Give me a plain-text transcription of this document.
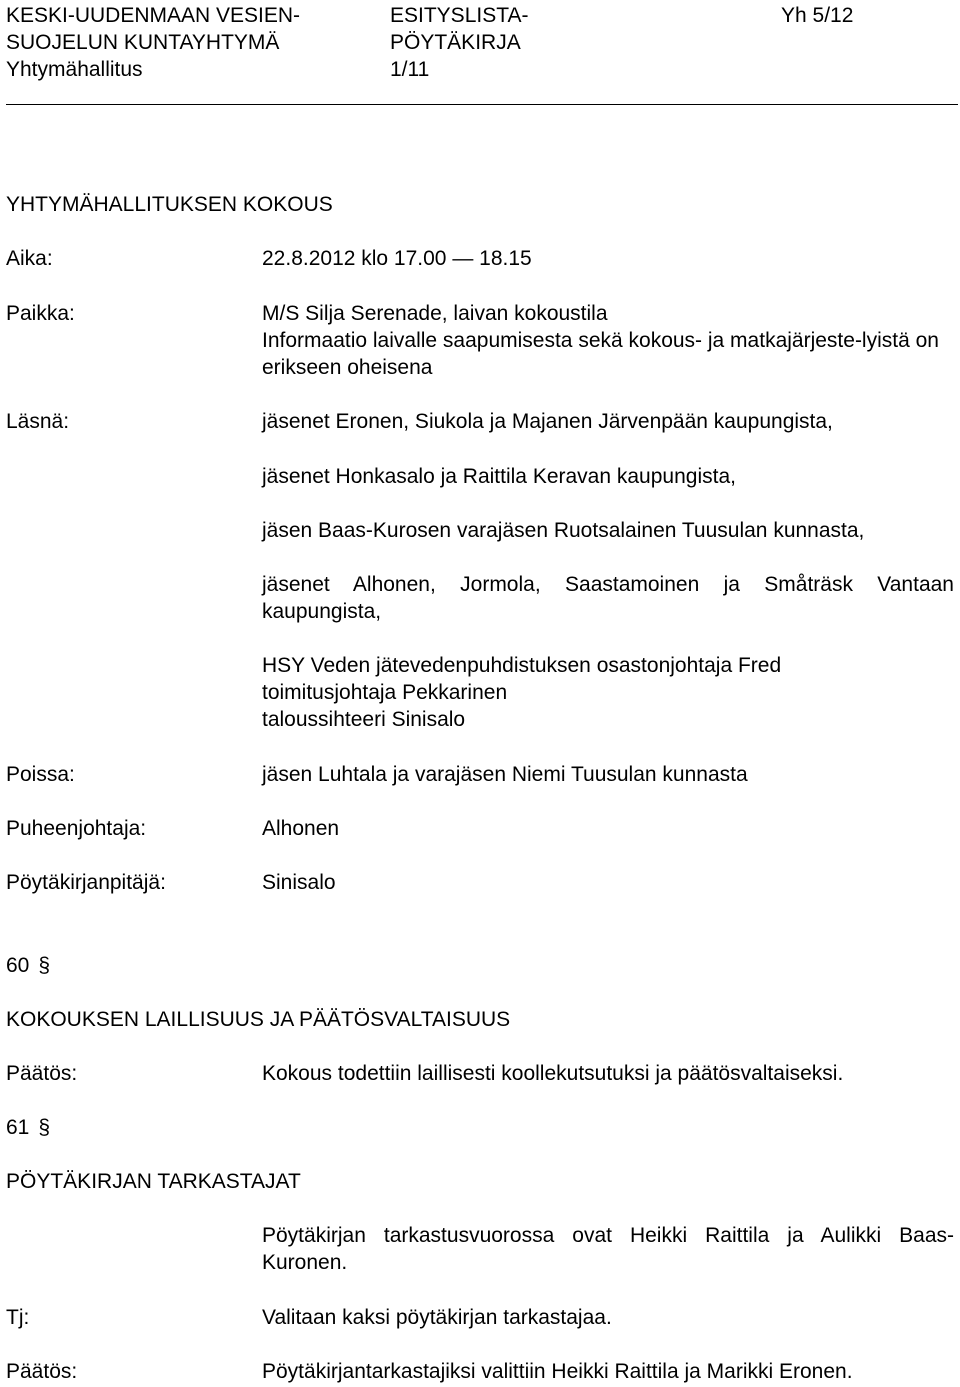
KESKI-UUDENMAAN VESIEN-
SUOJELUN KUNTAYHTYMÄ
Yhtymähallitus
ESITYSLISTA-
PÖYTÄKIRJA
1/11
Yh 5/12
YHTYMÄHALLITUKSEN KOKOUS
Aika:	22.8.2012 klo 17.00 — 18.15
Paikka:	M/S Silja Serenade, laivan kokoustila
Informaatio laivalle saapumisesta sekä kokous- ja matkajärjeste-lyistä on erikseen oheisena
Läsnä:	jäsenet Eronen, Siukola ja Majanen Järvenpään kaupungista,
jäsenet Honkasalo ja Raittila Keravan kaupungista,
jäsen Baas-Kurosen varajäsen Ruotsalainen Tuusulan kunnasta,
jäsenet Alhonen, Jormola, Saastamoinen ja Småträsk Vantaan kaupungista,
HSY Veden jätevedenpuhdistuksen osastonjohtaja Fred
toimitusjohtaja Pekkarinen
taloussihteeri Sinisalo
Poissa:	jäsen Luhtala ja varajäsen Niemi Tuusulan kunnasta
Puheenjohtaja:	Alhonen
Pöytäkirjanpitäjä:	Sinisalo
60 §
KOKOUKSEN LAILLISUUS JA PÄÄTÖSVALTAISUUS
Päätös:	Kokous todettiin laillisesti koollekutsutuksi ja päätösvaltaiseksi.
61 §
PÖYTÄKIRJAN TARKASTAJAT
Pöytäkirjan tarkastusvuorossa ovat Heikki Raittila ja Aulikki Baas-Kuronen.
Tj:	Valitaan kaksi pöytäkirjan tarkastajaa.
Päätös:	Pöytäkirjantarkastajiksi valittiin Heikki Raittila ja Marikki Eronen.
